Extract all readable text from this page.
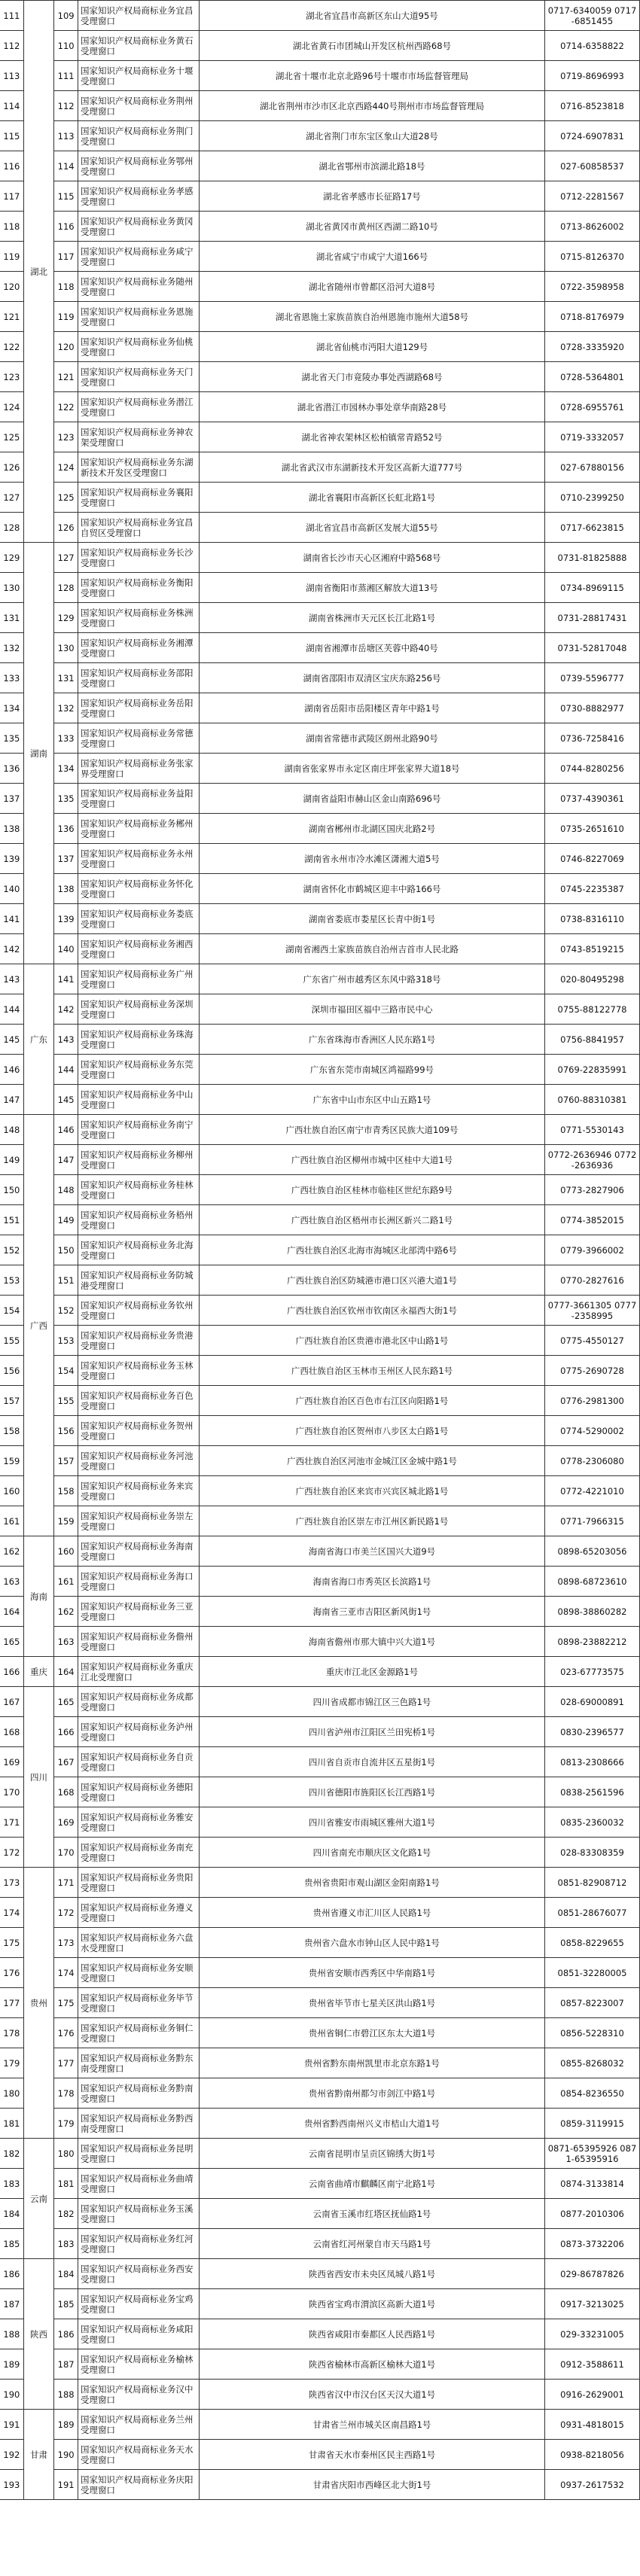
111	湖北	109	国家知识产权局商标业务宜昌受理窗口	湖北省宜昌市高新区东山大道95号	0717-6340059 0717-6851455
112		110	国家知识产权局商标业务黄石受理窗口	湖北省黄石市团城山开发区杭州西路68号	0714-6358822
113		111	国家知识产权局商标业务十堰受理窗口	湖北省十堰市北京北路96号十堰市市场监督管理局	0719-8696993
114		112	国家知识产权局商标业务荆州受理窗口	湖北省荆州市沙市区北京西路440号荆州市市场监督管理局	0716-8523818
115		113	国家知识产权局商标业务荆门受理窗口	湖北省荆门市东宝区象山大道28号	0724-6907831
116		114	国家知识产权局商标业务鄂州受理窗口	湖北省鄂州市滨湖北路18号	027-60858537
117		115	国家知识产权局商标业务孝感受理窗口	湖北省孝感市长征路17号	0712-2281567
118		116	国家知识产权局商标业务黄冈受理窗口	湖北省黄冈市黄州区西湖二路10号	0713-8626002
119		117	国家知识产权局商标业务咸宁受理窗口	湖北省咸宁市咸宁大道166号	0715-8126370
120		118	国家知识产权局商标业务随州受理窗口	湖北省随州市曾都区沿河大道8号	0722-3598958
121		119	国家知识产权局商标业务恩施受理窗口	湖北省恩施土家族苗族自治州恩施市施州大道58号	0718-8176979
122		120	国家知识产权局商标业务仙桃受理窗口	湖北省仙桃市沔阳大道129号	0728-3335920
123		121	国家知识产权局商标业务天门受理窗口	湖北省天门市竟陵办事处西湖路68号	0728-5364801
124		122	国家知识产权局商标业务潜江受理窗口	湖北省潜江市园林办事处章华南路28号	0728-6955761
125		123	国家知识产权局商标业务神农架受理窗口	湖北省神农架林区松柏镇常青路52号	0719-3332057
126		124	国家知识产权局商标业务东湖新技术开发区受理窗口	湖北省武汉市东湖新技术开发区高新大道777号	027-67880156
127		125	国家知识产权局商标业务襄阳受理窗口	湖北省襄阳市高新区长虹北路1号	0710-2399250
128		126	国家知识产权局商标业务宜昌自贸区受理窗口	湖北省宜昌市高新区发展大道55号	0717-6623815
129	湖南	127	国家知识产权局商标业务长沙受理窗口	湖南省长沙市天心区湘府中路568号	0731-81825888
130		128	国家知识产权局商标业务衡阳受理窗口	湖南省衡阳市蒸湘区解放大道13号	0734-8969115
131		129	国家知识产权局商标业务株洲受理窗口	湖南省株洲市天元区长江北路1号	0731-28817431
132		130	国家知识产权局商标业务湘潭受理窗口	湖南省湘潭市岳塘区芙蓉中路40号	0731-52817048
133		131	国家知识产权局商标业务邵阳受理窗口	湖南省邵阳市双清区宝庆东路256号	0739-5596777
134		132	国家知识产权局商标业务岳阳受理窗口	湖南省岳阳市岳阳楼区青年中路1号	0730-8882977
135		133	国家知识产权局商标业务常德受理窗口	湖南省常德市武陵区朗州北路90号	0736-7258416
136		134	国家知识产权局商标业务张家界受理窗口	湖南省张家界市永定区南庄坪张家界大道18号	0744-8280256
137		135	国家知识产权局商标业务益阳受理窗口	湖南省益阳市赫山区金山南路696号	0737-4390361
138		136	国家知识产权局商标业务郴州受理窗口	湖南省郴州市北湖区国庆北路2号	0735-2651610
139		137	国家知识产权局商标业务永州受理窗口	湖南省永州市冷水滩区潇湘大道5号	0746-8227069
140		138	国家知识产权局商标业务怀化受理窗口	湖南省怀化市鹤城区迎丰中路166号	0745-2235387
141		139	国家知识产权局商标业务娄底受理窗口	湖南省娄底市娄星区长青中街1号	0738-8316110
142		140	国家知识产权局商标业务湘西受理窗口	湖南省湘西土家族苗族自治州吉首市人民北路	0743-8519215
143	广东	141	国家知识产权局商标业务广州受理窗口	广东省广州市越秀区东风中路318号	020-80495298
144		142	国家知识产权局商标业务深圳受理窗口	深圳市福田区福中三路市民中心	0755-88122778
145		143	国家知识产权局商标业务珠海受理窗口	广东省珠海市香洲区人民东路1号	0756-8841957
146		144	国家知识产权局商标业务东莞受理窗口	广东省东莞市南城区鸿福路99号	0769-22835991
147		145	国家知识产权局商标业务中山受理窗口	广东省中山市东区中山五路1号	0760-88310381
148	广西	146	国家知识产权局商标业务南宁受理窗口	广西壮族自治区南宁市青秀区民族大道109号	0771-5530143
149		147	国家知识产权局商标业务柳州受理窗口	广西壮族自治区柳州市城中区桂中大道1号	0772-2636946 0772-2636936
150		148	国家知识产权局商标业务桂林受理窗口	广西壮族自治区桂林市临桂区世纪东路9号	0773-2827906
151		149	国家知识产权局商标业务梧州受理窗口	广西壮族自治区梧州市长洲区新兴二路1号	0774-3852015
152		150	国家知识产权局商标业务北海受理窗口	广西壮族自治区北海市海城区北部湾中路6号	0779-3966002
153		151	国家知识产权局商标业务防城港受理窗口	广西壮族自治区防城港市港口区兴港大道1号	0770-2827616
154		152	国家知识产权局商标业务钦州受理窗口	广西壮族自治区钦州市钦南区永福西大街1号	0777-3661305 0777-2358995
155		153	国家知识产权局商标业务贵港受理窗口	广西壮族自治区贵港市港北区中山路1号	0775-4550127
156		154	国家知识产权局商标业务玉林受理窗口	广西壮族自治区玉林市玉州区人民东路1号	0775-2690728
157		155	国家知识产权局商标业务百色受理窗口	广西壮族自治区百色市右江区向阳路1号	0776-2981300
158		156	国家知识产权局商标业务贺州受理窗口	广西壮族自治区贺州市八步区太白路1号	0774-5290002
159		157	国家知识产权局商标业务河池受理窗口	广西壮族自治区河池市金城江区金城中路1号	0778-2306080
160		158	国家知识产权局商标业务来宾受理窗口	广西壮族自治区来宾市兴宾区城北路1号	0772-4221010
161		159	国家知识产权局商标业务崇左受理窗口	广西壮族自治区崇左市江州区新民路1号	0771-7966315
162	海南	160	国家知识产权局商标业务海南受理窗口	海南省海口市美兰区国兴大道9号	0898-65203056
163		161	国家知识产权局商标业务海口受理窗口	海南省海口市秀英区长滨路1号	0898-68723610
164		162	国家知识产权局商标业务三亚受理窗口	海南省三亚市吉阳区新风街1号	0898-38860282
165		163	国家知识产权局商标业务儋州受理窗口	海南省儋州市那大镇中兴大道1号	0898-23882212
166	重庆	164	国家知识产权局商标业务重庆江北受理窗口	重庆市江北区金源路1号	023-67773575
167	四川	165	国家知识产权局商标业务成都受理窗口	四川省成都市锦江区三色路1号	028-69000891
168		166	国家知识产权局商标业务泸州受理窗口	四川省泸州市江阳区兰田宪桥1号	0830-2396577
169		167	国家知识产权局商标业务自贡受理窗口	四川省自贡市自流井区五星街1号	0813-2308666
170		168	国家知识产权局商标业务德阳受理窗口	四川省德阳市旌阳区长江西路1号	0838-2561596
171		169	国家知识产权局商标业务雅安受理窗口	四川省雅安市雨城区雅州大道1号	0835-2360032
172		170	国家知识产权局商标业务南充受理窗口	四川省南充市顺庆区文化路1号	028-83308359
173	贵州	171	国家知识产权局商标业务贵阳受理窗口	贵州省贵阳市观山湖区金阳南路1号	0851-82908712
174		172	国家知识产权局商标业务遵义受理窗口	贵州省遵义市汇川区人民路1号	0851-28676077
175		173	国家知识产权局商标业务六盘水受理窗口	贵州省六盘水市钟山区人民中路1号	0858-8229655
176		174	国家知识产权局商标业务安顺受理窗口	贵州省安顺市西秀区中华南路1号	0851-32280005
177		175	国家知识产权局商标业务毕节受理窗口	贵州省毕节市七星关区洪山路1号	0857-8223007
178		176	国家知识产权局商标业务铜仁受理窗口	贵州省铜仁市碧江区东太大道1号	0856-5228310
179		177	国家知识产权局商标业务黔东南受理窗口	贵州省黔东南州凯里市北京东路1号	0855-8268032
180		178	国家知识产权局商标业务黔南受理窗口	贵州省黔南州都匀市剑江中路1号	0854-8236550
181		179	国家知识产权局商标业务黔西南受理窗口	贵州省黔西南州兴义市桔山大道1号	0859-3119915
182	云南	180	国家知识产权局商标业务昆明受理窗口	云南省昆明市呈贡区锦绣大街1号	0871-65395926 0871-65395916
183		181	国家知识产权局商标业务曲靖受理窗口	云南省曲靖市麒麟区南宁北路1号	0874-3133814
184		182	国家知识产权局商标业务玉溪受理窗口	云南省玉溪市红塔区抚仙路1号	0877-2010306
185		183	国家知识产权局商标业务红河受理窗口	云南省红河州蒙自市天马路1号	0873-3732206
186	陕西	184	国家知识产权局商标业务西安受理窗口	陕西省西安市未央区凤城八路1号	029-86787826
187		185	国家知识产权局商标业务宝鸡受理窗口	陕西省宝鸡市渭滨区高新大道1号	0917-3213025
188		186	国家知识产权局商标业务咸阳受理窗口	陕西省咸阳市秦都区人民西路1号	029-33231005
189		187	国家知识产权局商标业务榆林受理窗口	陕西省榆林市高新区榆林大道1号	0912-3588611
190		188	国家知识产权局商标业务汉中受理窗口	陕西省汉中市汉台区天汉大道1号	0916-2629001
191	甘肃	189	国家知识产权局商标业务兰州受理窗口	甘肃省兰州市城关区南昌路1号	0931-4818015
192		190	国家知识产权局商标业务天水受理窗口	甘肃省天水市秦州区民主西路1号	0938-8218056
193		191	国家知识产权局商标业务庆阳受理窗口	甘肃省庆阳市西峰区北大街1号	0937-2617532
